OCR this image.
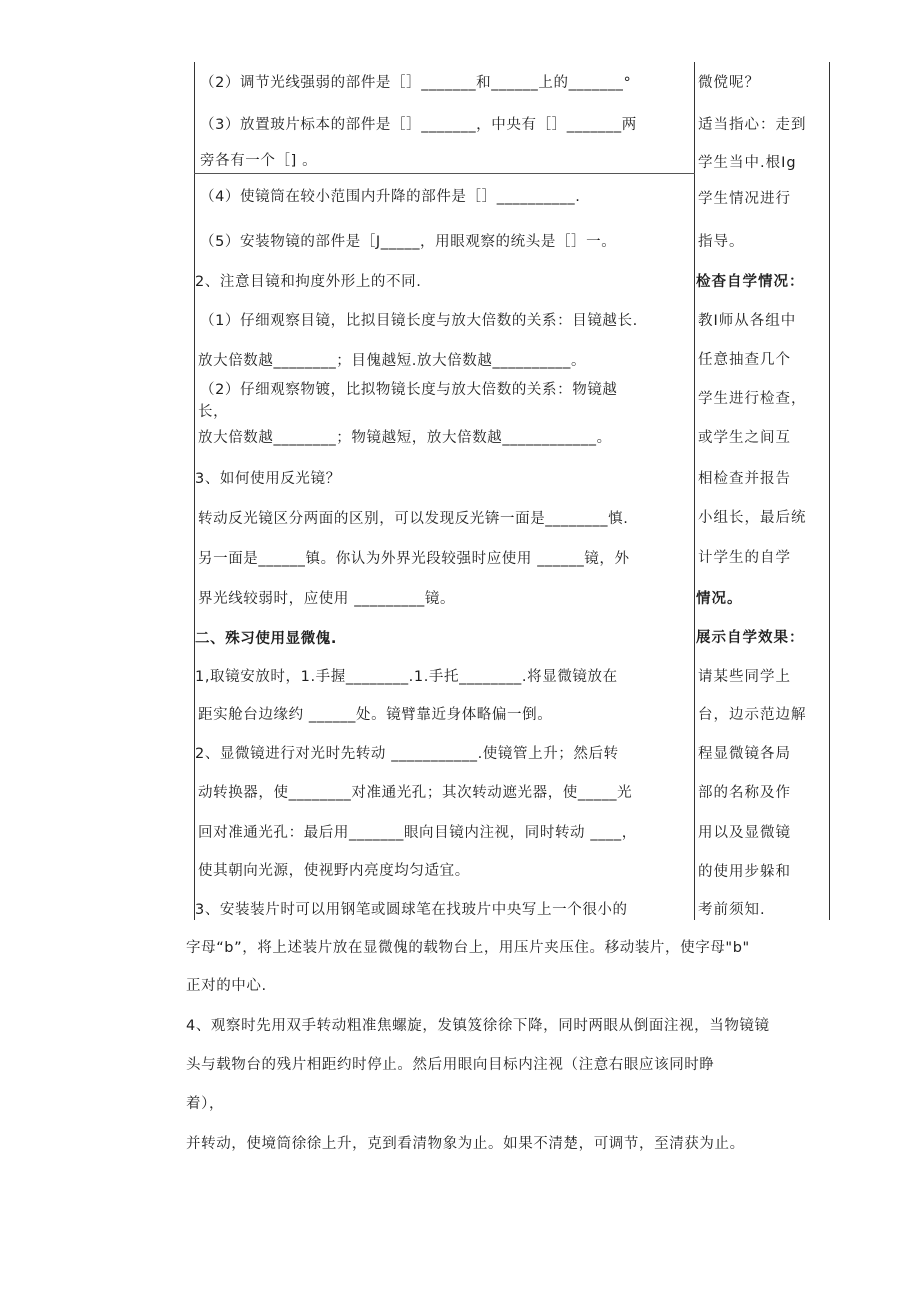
（2）调节光线强弱的部件是［］_______和______上的_______°
（3）放置玻片标本的部件是［］_______，中央有［］_______两
旁各有一个［] 。
（4）使镜筒在较小范围内升降的部件是［］__________.
（5）安装物镜的部件是［J_____，用眼观察的统头是［］一。
2、注意目镜和拘度外形上的不同.
（1）仔细观察目镜，比拟目镜长度与放大倍数的关系：目镜越长.
放大倍数越________；目傀越短.放大倍数越__________。
（2）仔细观察物镀，比拟物镜长度与放大倍数的关系：物镜越
长，
放大倍数越________；物镜越短，放大倍数越____________。
3、如何使用反光镜？
转动反光镜区分两面的区别，可以发现反光锛一面是________慎.
另一面是______镇。你认为外界光段较强时应使用 ______镜，外
界光线较弱时，应使用 _________镜。
二、殊习使用显微傀.
1,取镜安放时，1.手握________.1.手托________.将显微镜放在
距实舱台边缘约 ______处。镜臂靠近身体略偏一倒。
2、显微镜进行对光时先转动 ___________.使镜管上升；然后转
动转换器，使________对准通光孔；其次转动遮光器，使_____光
回对准通光孔：最后用_______眼向目镜内注视，同时转动 ____，
使其朝向光源，使视野内亮度均匀适宜。
3、安装装片时可以用钢笔或圆球笔在找玻片中央写上一个很小的
微傥呢？
适当指心：走到
学生当中.根Ig
学生情况进行
指导。
检杳自学情况：
教I师从各组中
任意抽查几个
学生进行检查，
或学生之间互
相检查并报告
小组长，最后统
计学生的自学
情况。
展示自学效果：
请某些同学上
台，边示范边解
程显微镜各局
部的名称及作
用以及显微镜
的使用步躲和
考前须知.
字母“b”，将上述装片放在显微傀的载物台上，用压片夹压住。移动装片，使字母"b"
正对的中心.
4、观察时先用双手转动粗准焦螺旋，发镇笈徐徐下降，同时两眼从倒面注视，当物镜镜
头与载物台的残片相距约时停止。然后用眼向目标内注视（注意右眼应该同时睁
着），
并转动，使境筒徐徐上升，克到看清物象为止。如果不清楚，可调节，至清获为止。
